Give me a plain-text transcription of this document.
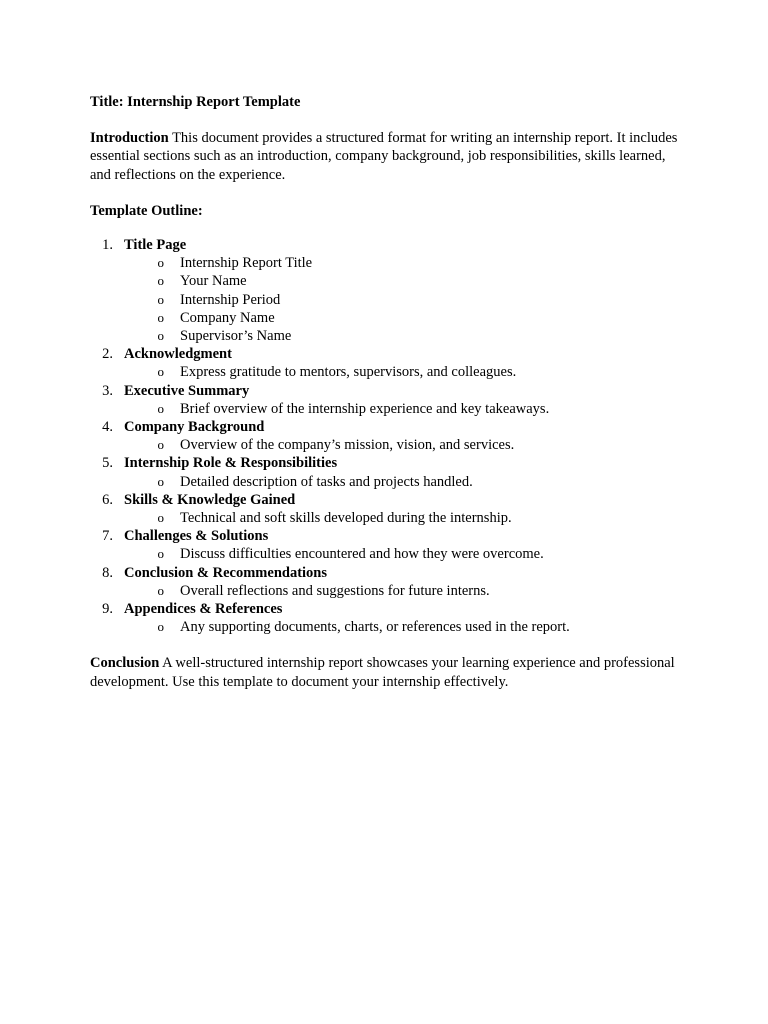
Title: Internship Report Template

Introduction This document provides a structured format for writing an internship report. It includes essential sections such as an introduction, company background, job responsibilities, skills learned, and reflections on the experience.

Template Outline:

1. Title Page
o	Internship Report Title
o	Your Name
o	Internship Period
o	Company Name
o	Supervisor’s Name
2. Acknowledgment
o	Express gratitude to mentors, supervisors, and colleagues.
3. Executive Summary
o	Brief overview of the internship experience and key takeaways.
4. Company Background
o	Overview of the company’s mission, vision, and services.
5. Internship Role & Responsibilities
o	Detailed description of tasks and projects handled.
6. Skills & Knowledge Gained
o	Technical and soft skills developed during the internship.
7. Challenges & Solutions
o	Discuss difficulties encountered and how they were overcome.
8. Conclusion & Recommendations
o	Overall reflections and suggestions for future interns.
9. Appendices & References
o	Any supporting documents, charts, or references used in the report.

Conclusion A well-structured internship report showcases your learning experience and professional development. Use this template to document your internship effectively.
